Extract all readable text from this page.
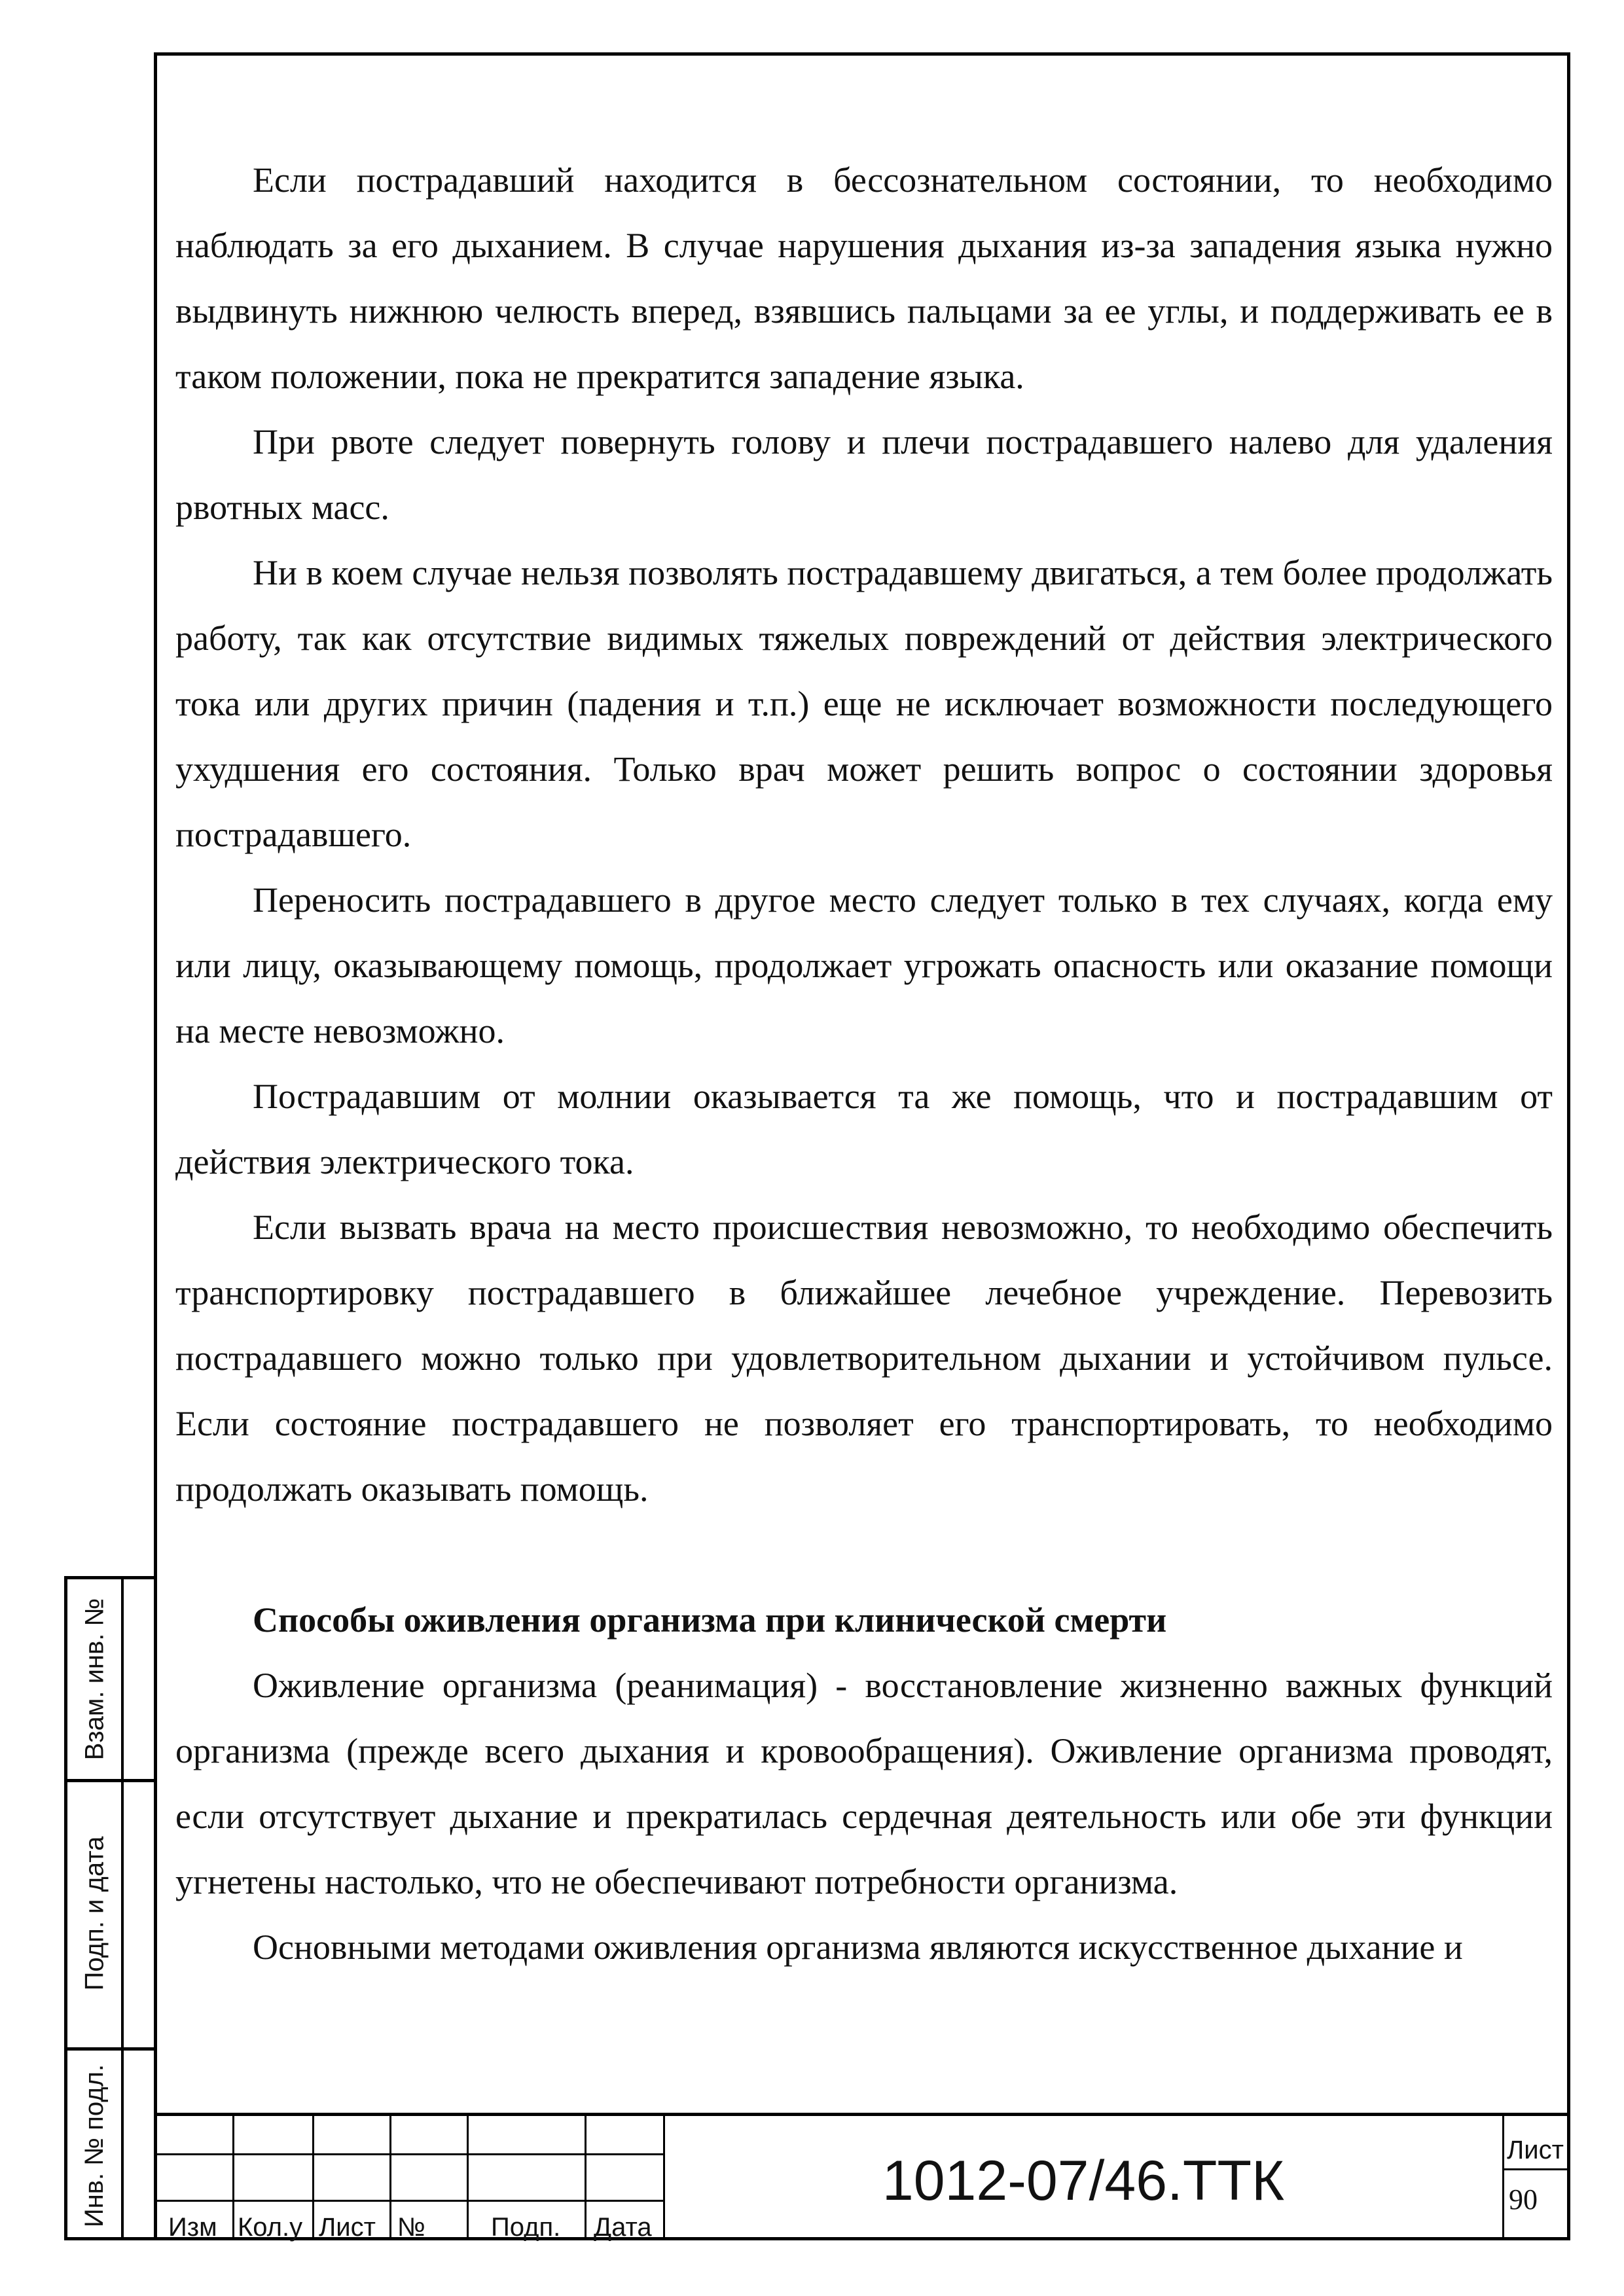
Если пострадавший находится в бессознательном состоянии, то необходимо наблюдать за его дыханием. В случае нарушения дыхания из-за западения языка нужно выдвинуть нижнюю челюсть вперед, взявшись пальцами за ее углы, и поддерживать ее в таком положении, пока не прекратится западение языка.

При рвоте следует повернуть голову и плечи пострадавшего налево для удаления рвотных масс.

Ни в коем случае нельзя позволять пострадавшему двигаться, а тем более продолжать работу, так как отсутствие видимых тяжелых повреждений от действия электрического тока или других причин (падения и т.п.) еще не исключает возможности последующего ухудшения его состояния. Только врач может решить вопрос о состоянии здоровья пострадавшего.

Переносить пострадавшего в другое место следует только в тех случаях, когда ему или лицу, оказывающему помощь, продолжает угрожать опасность или оказание помощи на месте невозможно.

Пострадавшим от молнии оказывается та же помощь, что и пострадавшим от действия электрического тока.

Если вызвать врача на место происшествия невозможно, то необходимо обеспечить транспортировку пострадавшего в ближайшее лечебное учреждение. Перевозить пострадавшего можно только при удовлетворительном дыхании и устойчивом пульсе. Если состояние пострадавшего не позволяет его транспортировать, то необходимо продолжать оказывать помощь.

Способы оживления организма при клинической смерти

Оживление организма (реанимация) - восстановление жизненно важных функций организма (прежде всего дыхания и кровообращения). Оживление организма проводят, если отсутствует дыхание и прекратилась сердечная деятельность или обе эти функции угнетены настолько, что не обеспечивают потребности организма.

Основными методами оживления организма являются искусственное дыхание и

Взам. инв. №
Подп. и дата
Инв. № подл.
Изм Кол.у Лист №	Подп. Дата
1012-07/46.ТТК	Лист
90
